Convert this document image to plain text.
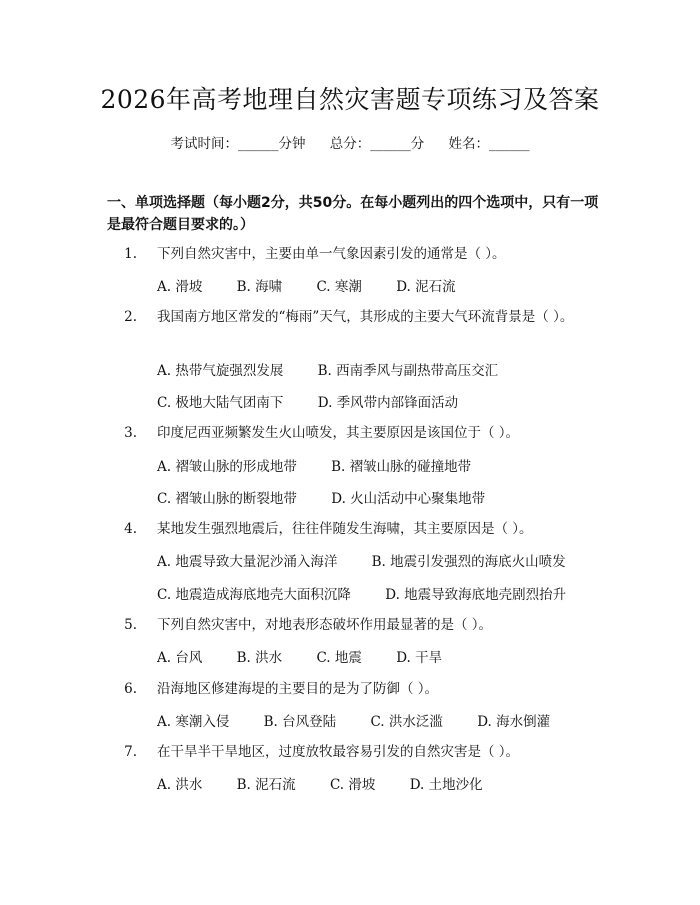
2026年高考地理自然灾害题专项练习及答案
考试时间：______分钟 总分：______分 姓名：______
一、单项选择题（每小题2分，共50分。在每小题列出的四个选项中，只有一项是最符合题目要求的。）
1. 下列自然灾害中，主要由单一气象因素引发的通常是（ ）。
A. 滑坡	B. 海啸	C. 寒潮	D. 泥石流
2. 我国南方地区常发的“梅雨”天气，其形成的主要大气环流背景是（ ）。
A. 热带气旋强烈发展	B. 西南季风与副热带高压交汇
C. 极地大陆气团南下	D. 季风带内部锋面活动
3. 印度尼西亚频繁发生火山喷发，其主要原因是该国位于（ ）。
A. 褶皱山脉的形成地带	B. 褶皱山脉的碰撞地带
C. 褶皱山脉的断裂地带	D. 火山活动中心聚集地带
4. 某地发生强烈地震后，往往伴随发生海啸，其主要原因是（ ）。
A. 地震导致大量泥沙涌入海洋	B. 地震引发强烈的海底火山喷发
C. 地震造成海底地壳大面积沉降	D. 地震导致海底地壳剧烈抬升
5. 下列自然灾害中，对地表形态破坏作用最显著的是（ ）。
A. 台风	B. 洪水	C. 地震	D. 干旱
6. 沿海地区修建海堤的主要目的是为了防御（ ）。
A. 寒潮入侵	B. 台风登陆	C. 洪水泛滥	D. 海水倒灌
7. 在干旱半干旱地区，过度放牧最容易引发的自然灾害是（ ）。
A. 洪水	B. 泥石流	C. 滑坡	D. 土地沙化
